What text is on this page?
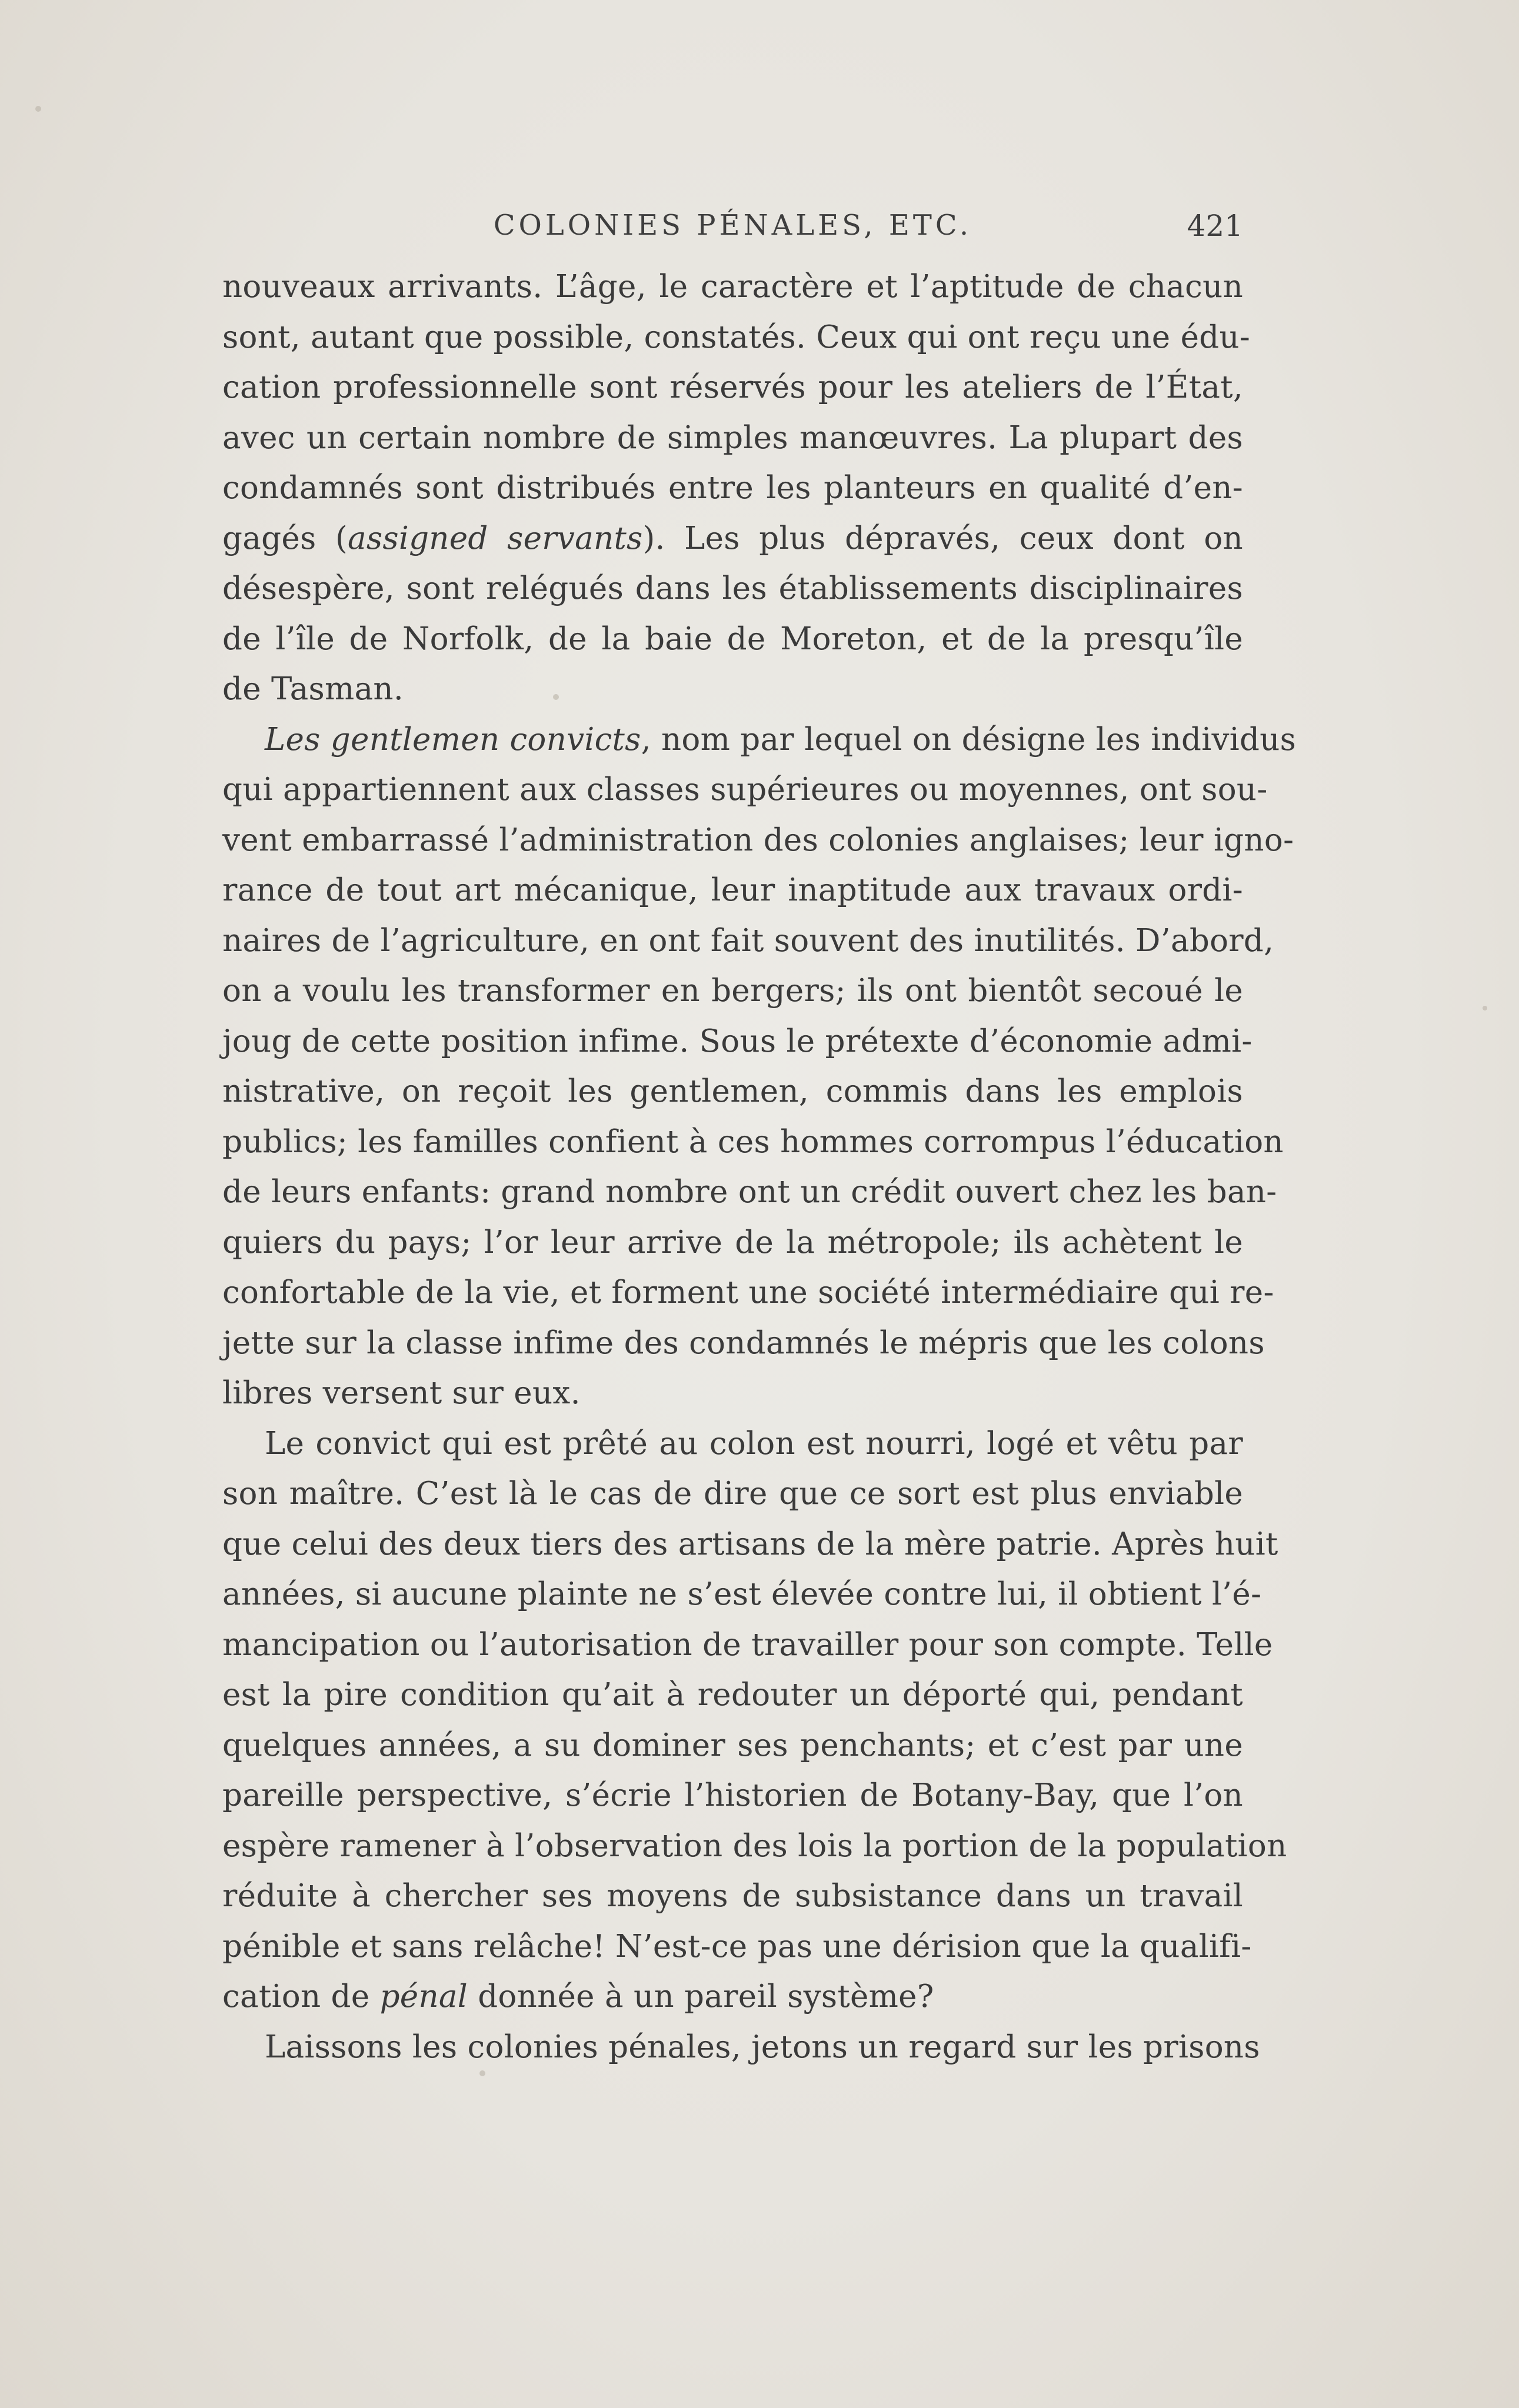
COLONIES PÉNALES, ETC.	421
nouveaux arrivants. L’âge, le caractère et l’aptitude de chacun
sont, autant que possible, constatés. Ceux qui ont reçu une édu-
cation professionnelle sont réservés pour les ateliers de l’État,
avec un certain nombre de simples manœuvres. La plupart des
condamnés sont distribués entre les planteurs en qualité d’en-
gagés (assigned servants). Les plus dépravés, ceux dont on
désespère, sont relégués dans les établissements disciplinaires
de l’île de Norfolk, de la baie de Moreton, et de la presqu’île
de Tasman.
Les gentlemen convicts, nom par lequel on désigne les individus
qui appartiennent aux classes supérieures ou moyennes, ont sou-
vent embarrassé l’administration des colonies anglaises; leur igno-
rance de tout art mécanique, leur inaptitude aux travaux ordi-
naires de l’agriculture, en ont fait souvent des inutilités. D’abord,
on a voulu les transformer en bergers; ils ont bientôt secoué le
joug de cette position infime. Sous le prétexte d’économie admi-
nistrative, on reçoit les gentlemen, commis dans les emplois
publics; les familles confient à ces hommes corrompus l’éducation
de leurs enfants: grand nombre ont un crédit ouvert chez les ban-
quiers du pays; l’or leur arrive de la métropole; ils achètent le
confortable de la vie, et forment une société intermédiaire qui re-
jette sur la classe infime des condamnés le mépris que les colons
libres versent sur eux.
Le convict qui est prêté au colon est nourri, logé et vêtu par
son maître. C’est là le cas de dire que ce sort est plus enviable
que celui des deux tiers des artisans de la mère patrie. Après huit
années, si aucune plainte ne s’est élevée contre lui, il obtient l’é-
mancipation ou l’autorisation de travailler pour son compte. Telle
est la pire condition qu’ait à redouter un déporté qui, pendant
quelques années, a su dominer ses penchants; et c’est par une
pareille perspective, s’écrie l’historien de Botany-Bay, que l’on
espère ramener à l’observation des lois la portion de la population
réduite à chercher ses moyens de subsistance dans un travail
pénible et sans relâche! N’est-ce pas une dérision que la qualifi-
cation de pénal donnée à un pareil système?
Laissons les colonies pénales, jetons un regard sur les prisons
